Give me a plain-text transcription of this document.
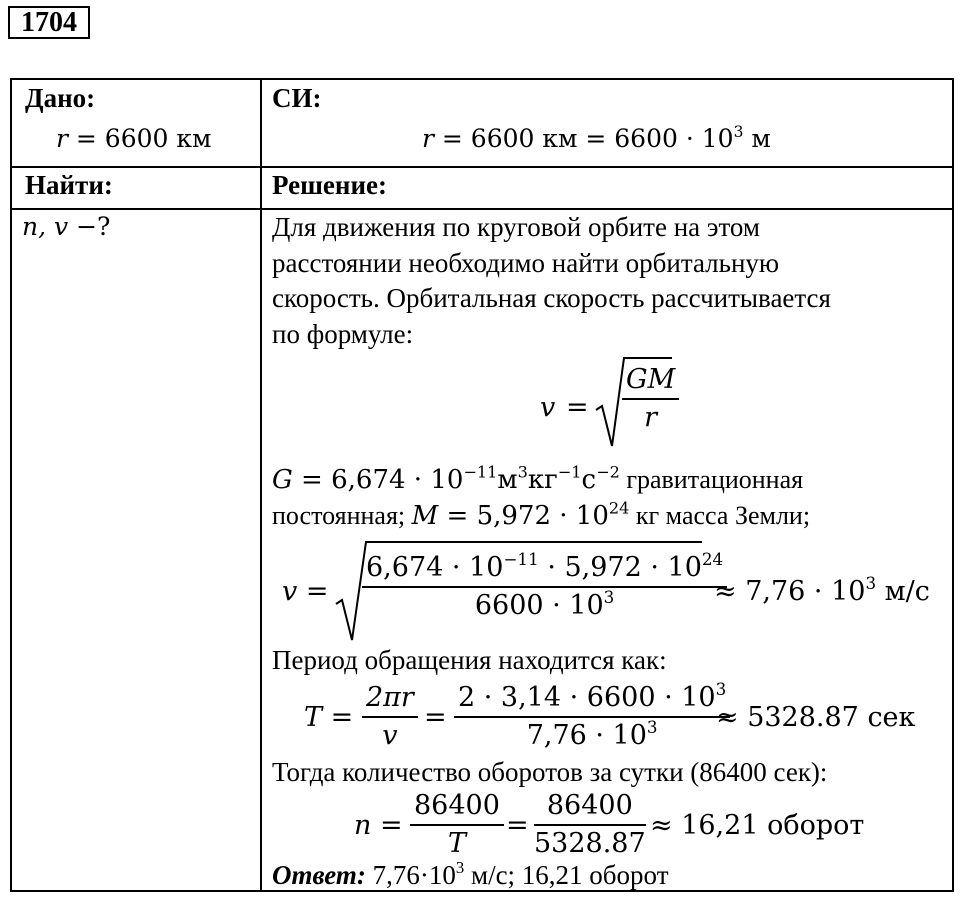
1704
Дано:
r = 6600 км
Найти:
n, v −?
СИ:
r = 6600 км = $6600 \cdot 10^3$ м
Решение:
Для движения по круговой орбите на этом
расстоянии необходимо найти орбитальную
скорость. Орбитальная скорость рассчитывается
по формуле:
$v = \frac{GM}{r}$
$G = 6,674 \cdot 10^{-11}м^3кг^{-1}с^{-2}$ гравитационная
постоянная; $M = 5,972 \cdot 10^{24}$ кг масса Земли;
$v = \frac{6,674 \cdot 10^{-11} \cdot 5,972 \cdot 10^{24}}{6600 \cdot 10^3}$
≈ $7,76 \cdot 10^3$ м/с
Период обращения находится как:
$T = \frac{2\pi r}{v} = \frac{2 \cdot 3,14 \cdot 6600 \cdot 10^3}{7,76 \cdot 10^3}$
≈ 5328.87 сек
Тогда количество оборотов за сутки (86400 сек):
$n = \frac{86400}{T} = \frac{86400}{5328.87} \approx 16,21$ оборот
Ответ: $7,76\cdot 10^3$ м/с; 16,21 оборот
